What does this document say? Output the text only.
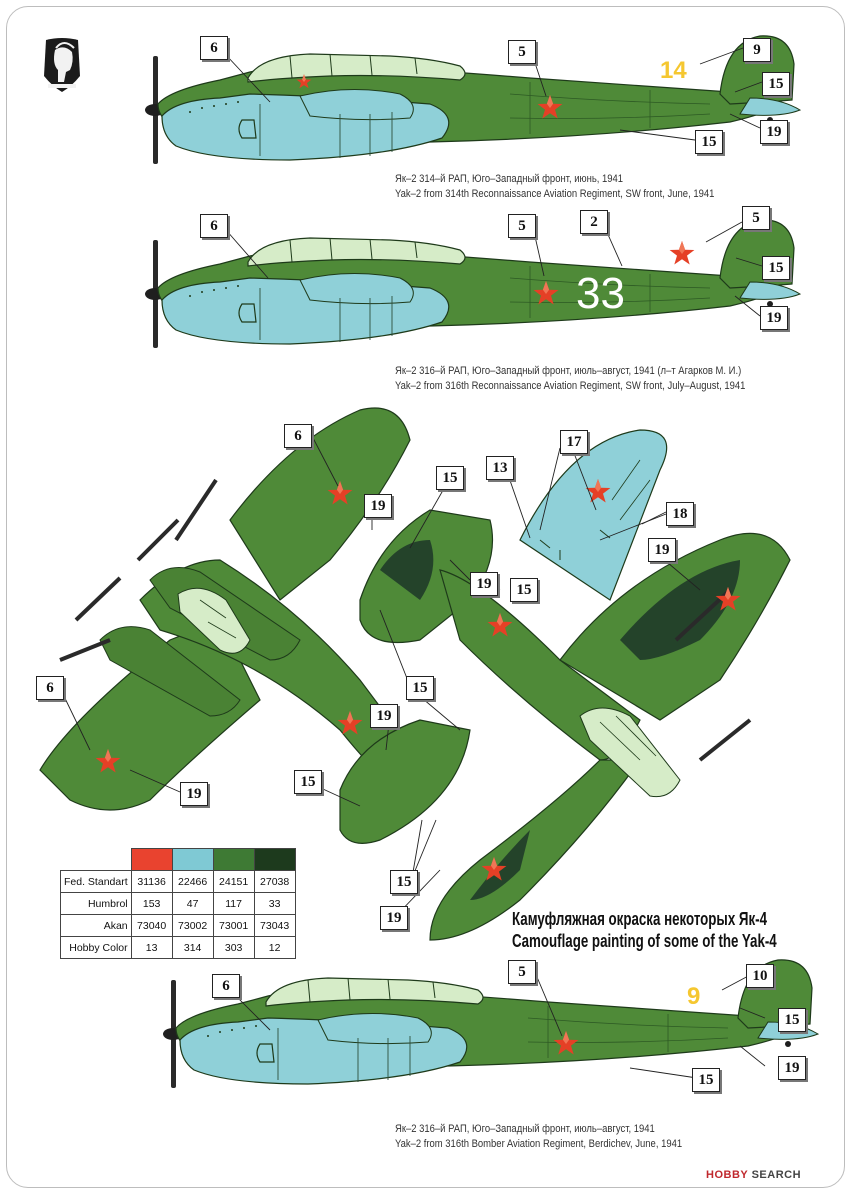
14
33
9
6	5	9
15
19
15
6	5	2	5
15
19
6
19
15
13
17
18
19
19	15
15
6
19
19
15
15
19
6
5	10
15
19
15
Як–2 314–й РАП, Юго–Западный фронт, июнь, 1941
Yak–2 from 314th Reconnaissance Aviation Regiment, SW front, June, 1941
Як–2 316–й РАП, Юго–Западный фронт, июль–август, 1941 (л–т Агарков М. И.)
Yak–2 from 316th Reconnaissance Aviation Regiment, SW front, July–August, 1941
Як–2 316–й РАП, Юго–Западный фронт, июль–август, 1941
Yak–2 from 316th Bomber Aviation Regiment, Berdichev, June, 1941
Камуфляжная окраска некоторых Як-4
Camouflage painting of some of the Yak-4

Fed. Standart	31136	22466	24151	27038
Humbrol	153	47	117	33
Akan	73040	73002	73001	73043
Hobby Color	13	314	303	12
HOBBY SEARCH
